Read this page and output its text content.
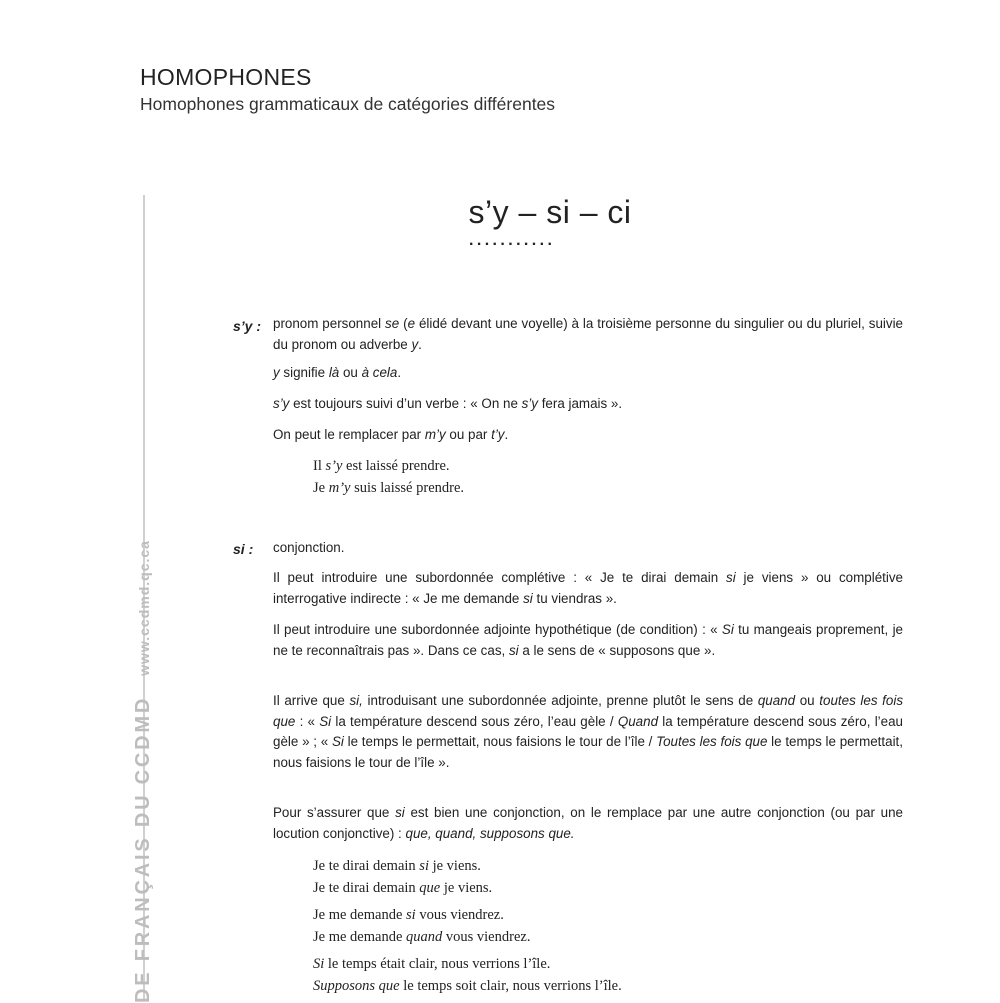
HOMOPHONES
Homophones grammaticaux de catégories différentes
DE FRANÇAIS DU CCDMDwww.ccdmd.qc.ca
s’y – si – ci
...........
s’y : pronom personnel se (e élidé devant une voyelle) à la troisième personne du singulier ou du pluriel, suivie du pronom ou adverbe y.
y signifie là ou à cela.
s’y est toujours suivi d’un verbe : « On ne s’y fera jamais ».
On peut le remplacer par m’y ou par t’y.
Il s’y est laissé prendre.
Je m’y suis laissé prendre.
si : conjonction.
Il peut introduire une subordonnée complétive : « Je te dirai demain si je viens » ou complétive interrogative indirecte : « Je me demande si tu viendras ».
Il peut introduire une subordonnée adjointe hypothétique (de condition) : « Si tu mangeais proprement, je ne te reconnaîtrais pas ». Dans ce cas, si a le sens de « supposons que ».
Il arrive que si, introduisant une subordonnée adjointe, prenne plutôt le sens de quand ou toutes les fois que : « Si la température descend sous zéro, l’eau gèle / Quand la température descend sous zéro, l’eau gèle » ; « Si le temps le permettait, nous faisions le tour de l’île / Toutes les fois que le temps le permettait, nous faisions le tour de l’île ».
Pour s’assurer que si est bien une conjonction, on le remplace par une autre conjonction (ou par une locution conjonctive) : que, quand, supposons que.
Je te dirai demain si je viens.
Je te dirai demain que je viens.
Je me demande si vous viendrez.
Je me demande quand vous viendrez.
Si le temps était clair, nous verrions l’île.
Supposons que le temps soit clair, nous verrions l’île.
